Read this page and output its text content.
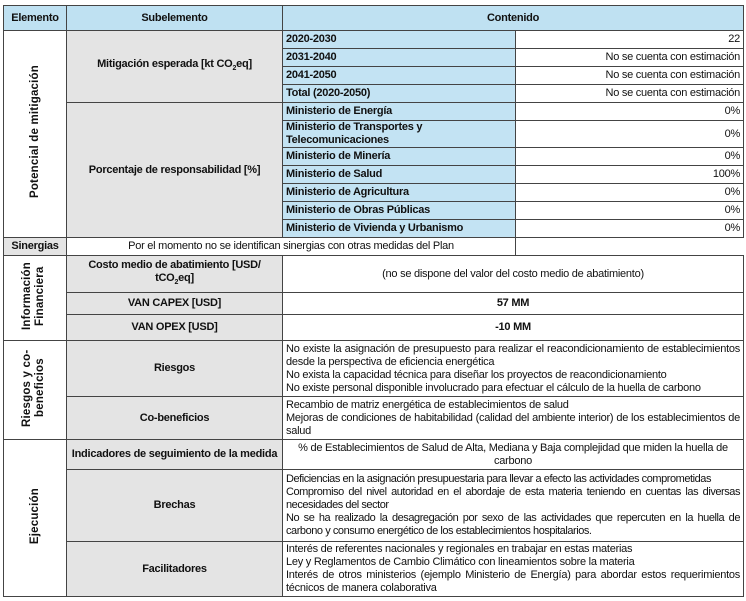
Elemento	Subelemento	Contenido	
Potencial de mitigación	Mitigación esperada [kt $CO_2eq$]	2020-2030	22
		2031-2040	No se cuenta con estimación
		2041-2050	No se cuenta con estimación
		Total (2020-2050)	No se cuenta con estimación
	Porcentaje de responsabilidad [%]	Ministerio de Energía	0%
		Ministerio de Transportes y Telecomunicaciones	0%
		Ministerio de Minería	0%
		Ministerio de Salud	100%
		Ministerio de Agricultura	0%
		Ministerio de Obras Públicas	0%
		Ministerio de Vivienda y Urbanismo	0%
Sinergias	Por el momento no se identifican sinergias con otras medidas del Plan		
Información Financiera	Costo medio de abatimiento [USD/ tCO$_2$eq]	(no se dispone del valor del costo medio de abatimiento)	
	VAN CAPEX [USD]	57 MM	
	VAN OPEX [USD]	-10 MM	
Riesgos y co-beneficios	Riesgos	No existe la asignación de presupuesto para realizar el reacondicionamiento de establecimientos desde la perspectiva de eficiencia energética
No exista la capacidad técnica para diseñar los proyectos de reacondicionamiento
No existe personal disponible involucrado para efectuar el cálculo de la huella de carbono	

	Co-beneficios	Recambio de matriz energética de establecimientos de salud
Mejoras de condiciones de habitabilidad (calidad del ambiente interior) de los establecimientos de salud	

Ejecución	Indicadores de seguimiento de la medida	% de Establecimientos de Salud de Alta, Mediana y Baja complejidad que miden la huella de carbono	
	Brechas	Deficiencias en la asignación presupuestaria para llevar a efecto las actividades comprometidas
Compromiso del nivel autoridad en el abordaje de esta materia teniendo en cuentas las diversas necesidades del sector
No se ha realizado la desagregación por sexo de las actividades que repercuten en la huella de carbono y consumo energético de los establecimientos hospitalarios.	

	Facilitadores	Interés de referentes nacionales y regionales en trabajar en estas materias
Ley y Reglamentos de Cambio Climático con lineamientos sobre la materia
Interés de otros ministerios (ejemplo Ministerio de Energía) para abordar estos requerimientos técnicos de manera colaborativa	
